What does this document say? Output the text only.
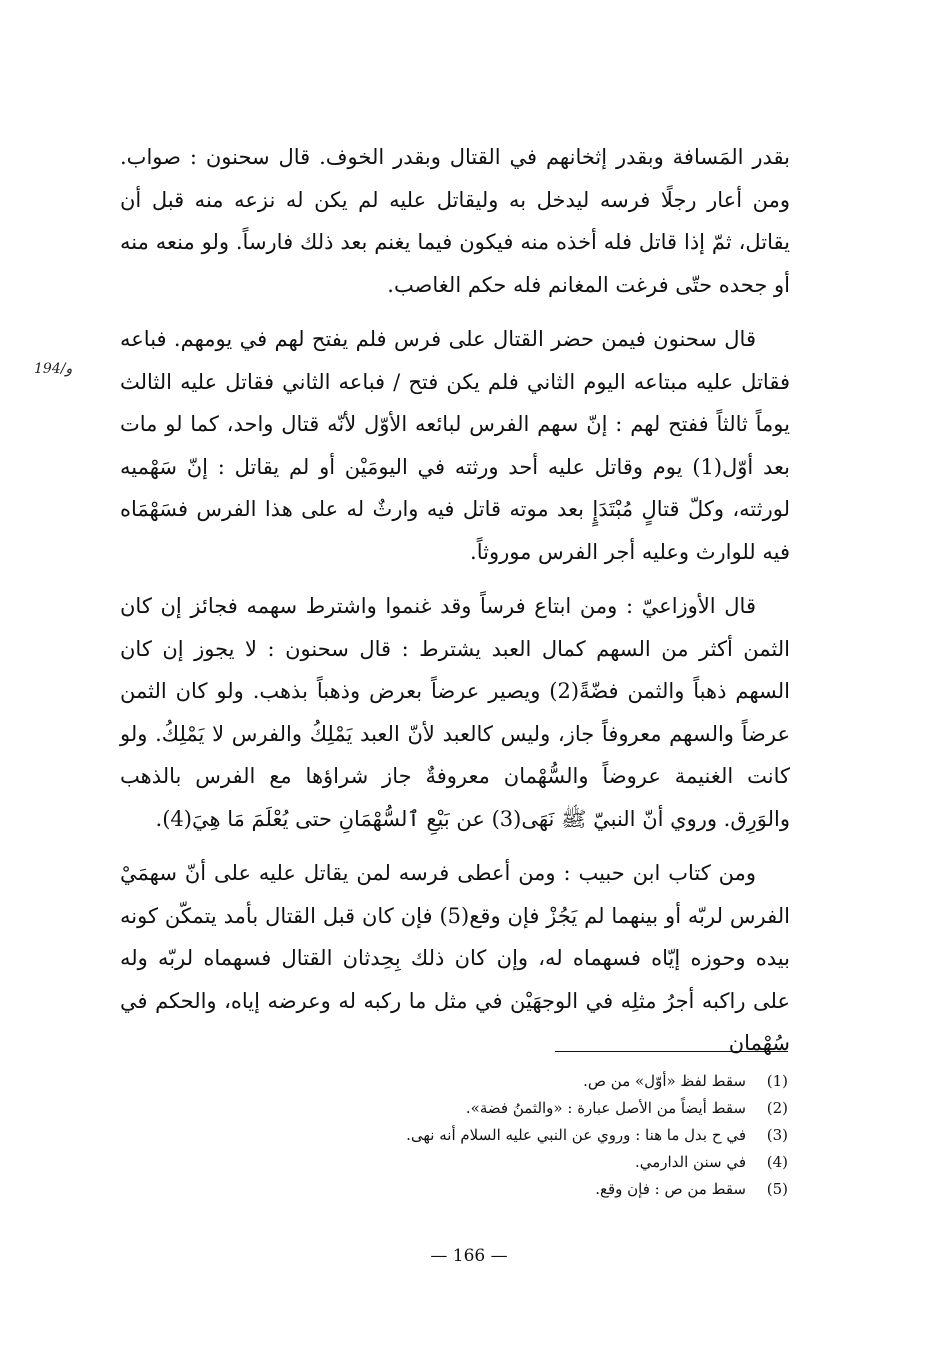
194/و

بقدر المَسافة وبقدر إثخانهم في القتال وبقدر الخوف. قال سحنون : صواب. ومن أعار رجلًا فرسه ليدخل به وليقاتل عليه لم يكن له نزعه منه قبل أن يقاتل، ثمّ إذا قاتل فله أخذه منه فيكون فيما يغنم بعد ذلك فارساً. ولو منعه منه أو جحده حتّى فرغت المغانم فله حكم الغاصب.

قال سحنون فيمن حضر القتال على فرس فلم يفتح لهم في يومهم. فباعه فقاتل عليه مبتاعه اليوم الثاني فلم يكن فتح / فباعه الثاني فقاتل عليه الثالث يوماً ثالثاً ففتح لهم : إنّ سهم الفرس لبائعه الأوّل لأنّه قتال واحد، كما لو مات بعد أوّل(1) يوم وقاتل عليه أحد ورثته في اليومَيْن أو لم يقاتل : إنّ سَهْميه لورثته، وكلّ قتالٍ مُبْتَدَإٍ بعد موته قاتل فيه وارثٌ له على هذا الفرس فسَهْمَاه فيه للوارث وعليه أجر الفرس موروثاً.

قال الأوزاعيّ : ومن ابتاع فرساً وقد غنموا واشترط سهمه فجائز إن كان الثمن أكثر من السهم كمال العبد يشترط : قال سحنون : لا يجوز إن كان السهم ذهباً والثمن فضّةً(2) ويصير عرضاً بعرض وذهباً بذهب. ولو كان الثمن عرضاً والسهم معروفاً جاز، وليس كالعبد لأنّ العبد يَمْلِكُ والفرس لا يَمْلِكُ. ولو كانت الغنيمة عروضاً والسُّهْمان معروفةٌ جاز شراؤها مع الفرس بالذهب والوَرِق. وروي أنّ النبيّ ﷺ نَهَى(3) عن بَيْعِ ٱلسُّهْمَانِ حتى يُعْلَمَ مَا هِيَ(4).

ومن كتاب ابن حبيب : ومن أعطى فرسه لمن يقاتل عليه على أنّ سهمَيْ الفرس لربّه أو بينهما لم يَجُزْ فإن وقع(5) فإن كان قبل القتال بأمد يتمكّن كونه بيده وحوزه إيّاه فسهماه له، وإن كان ذلك بِحِدثان القتال فسهماه لربّه وله على راكبه أجرُ مثلِه في الوجهَيْن في مثل ما ركبه له وعرضه إياه، والحكم في سُهْمان

( 1 )
سقط لفظ «أوّل» من ص.
( 2 )
سقط أيضاً من الأصل عبارة : «والثمنُ فضة».
( 3 )
في ح بدل ما هنا : وروي عن النبي عليه السلام أنه نهى.
( 4 )
في سنن الدارمي.
( 5 )
سقط من ص : فإن وقع.
— 166 —
